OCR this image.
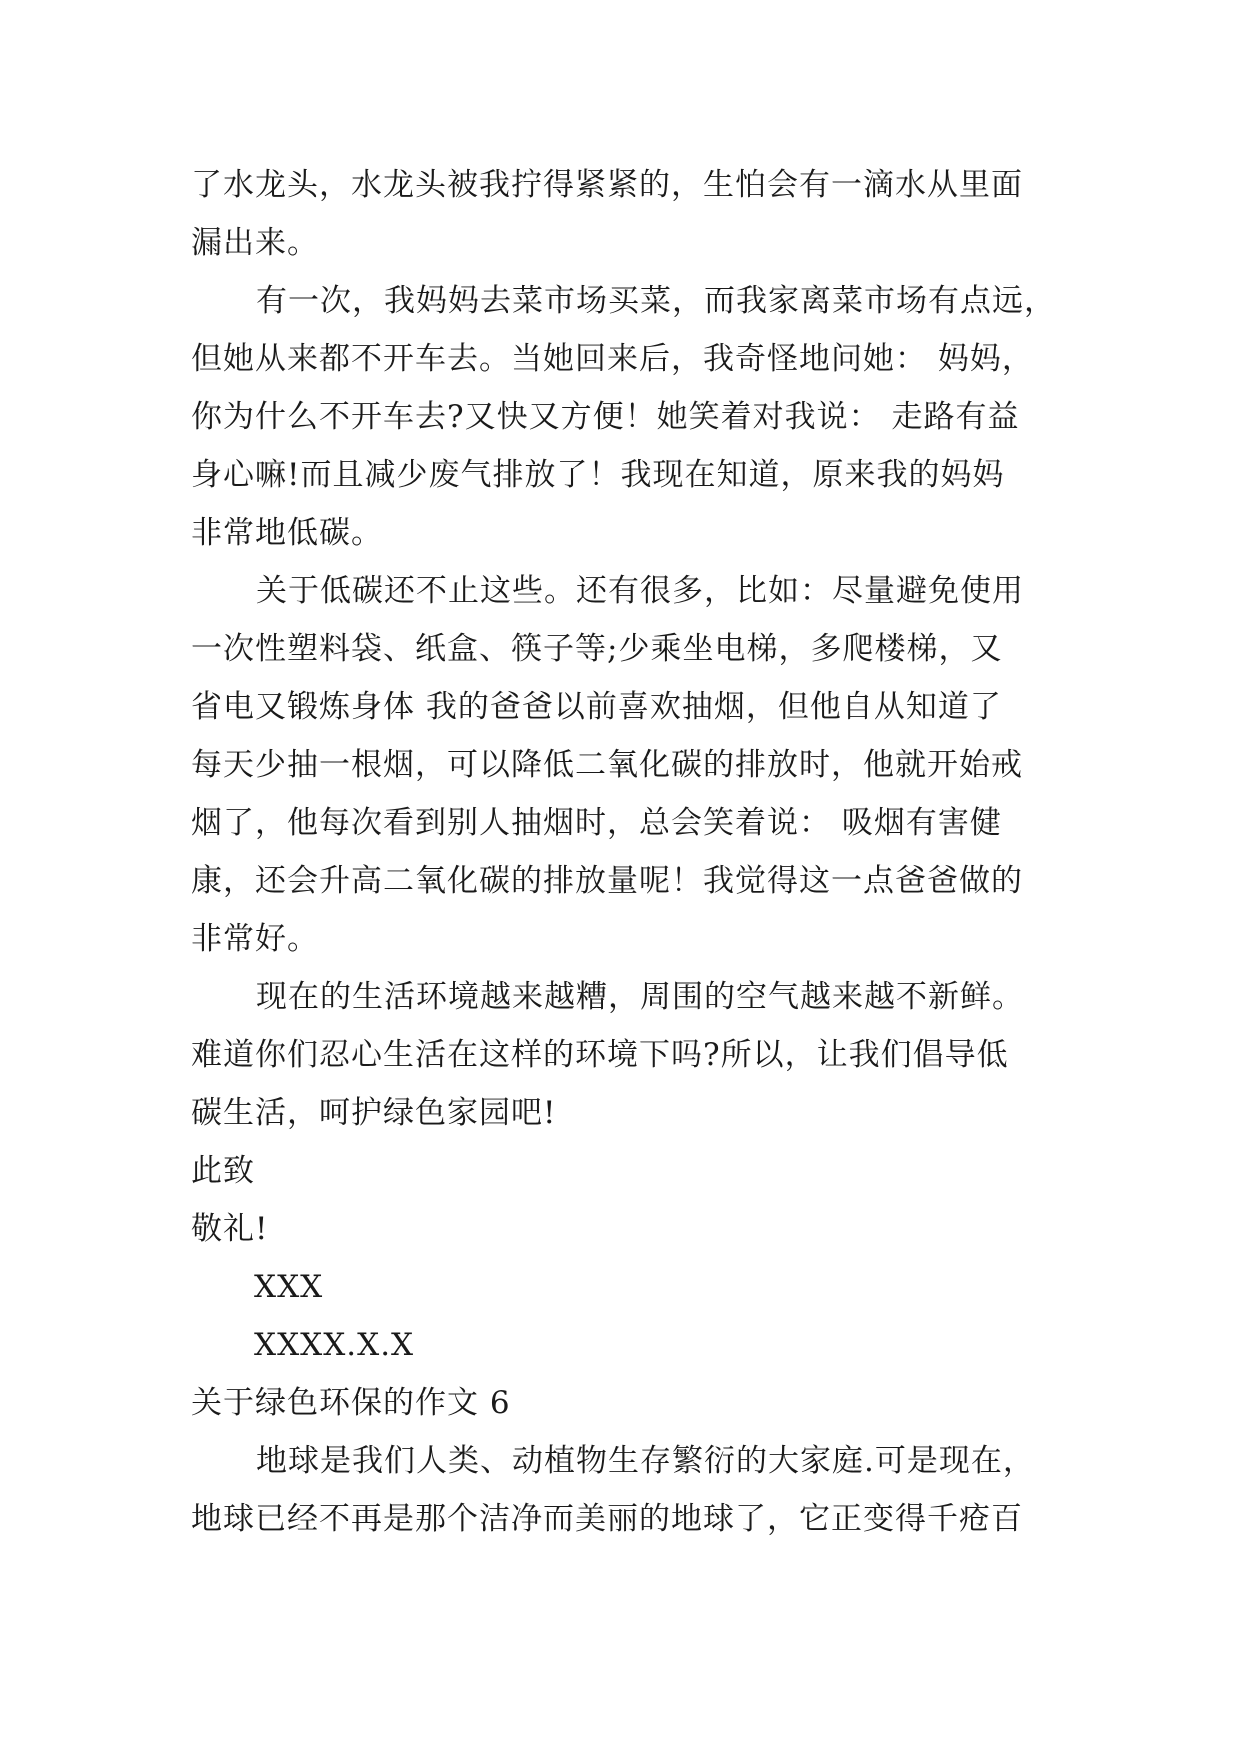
了水龙头，水龙头被我拧得紧紧的，生怕会有一滴水从里面
漏出来。
有一次，我妈妈去菜市场买菜，而我家离菜市场有点远，
但她从来都不开车去。当她回来后，我奇怪地问她： 妈妈，
你为什么不开车去?又快又方便！她笑着对我说： 走路有益
身心嘛!而且减少废气排放了！我现在知道，原来我的妈妈
非常地低碳。
关于低碳还不止这些。还有很多，比如：尽量避免使用
一次性塑料袋、纸盒、筷子等;少乘坐电梯，多爬楼梯，又
省电又锻炼身体 我的爸爸以前喜欢抽烟，但他自从知道了
每天少抽一根烟，可以降低二氧化碳的排放时，他就开始戒
烟了，他每次看到别人抽烟时，总会笑着说： 吸烟有害健
康，还会升高二氧化碳的排放量呢！我觉得这一点爸爸做的
非常好。
现在的生活环境越来越糟，周围的空气越来越不新鲜。
难道你们忍心生活在这样的环境下吗?所以，让我们倡导低
碳生活，呵护绿色家园吧!
此致
敬礼!
XXX
XXXX.X.X
关于绿色环保的作文 6
地球是我们人类、动植物生存繁衍的大家庭.可是现在，
地球已经不再是那个洁净而美丽的地球了，它正变得千疮百
